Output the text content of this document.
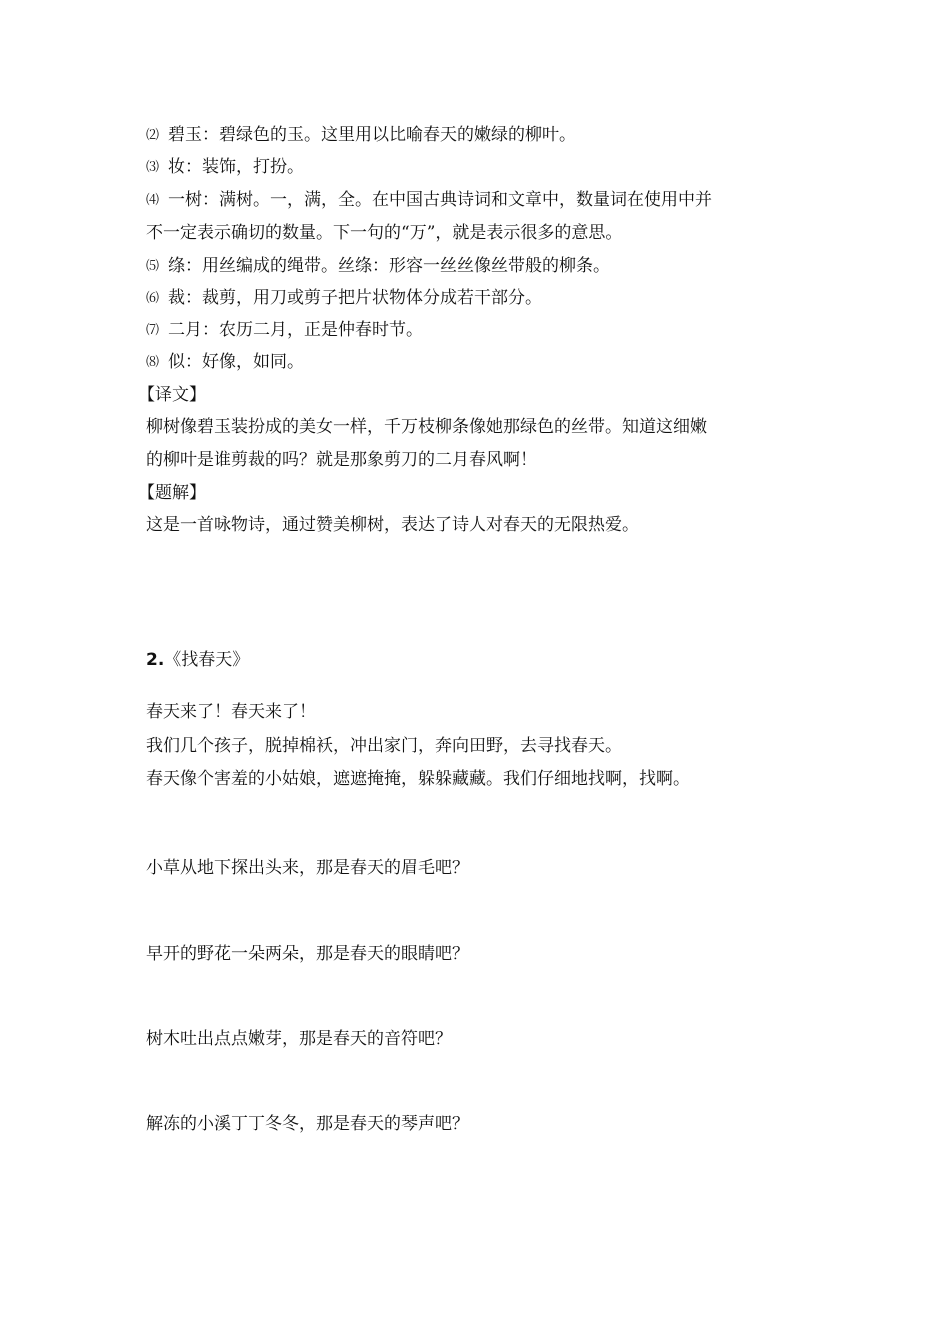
⑵ 碧玉：碧绿色的玉。这里用以比喻春天的嫩绿的柳叶。
⑶ 妆：装饰，打扮。
⑷ 一树：满树。一，满，全。在中国古典诗词和文章中，数量词在使用中并
不一定表示确切的数量。下一句的“万”，就是表示很多的意思。
⑸ 绦：用丝编成的绳带。丝绦：形容一丝丝像丝带般的柳条。
⑹ 裁：裁剪，用刀或剪子把片状物体分成若干部分。
⑺ 二月：农历二月，正是仲春时节。
⑻ 似：好像，如同。
【译文】
柳树像碧玉装扮成的美女一样，千万枝柳条像她那绿色的丝带。知道这细嫩
的柳叶是谁剪裁的吗？就是那象剪刀的二月春风啊！
【题解】
这是一首咏物诗，通过赞美柳树，表达了诗人对春天的无限热爱。
2.《找春天》
春天来了！春天来了！
我们几个孩子，脱掉棉袄，冲出家门，奔向田野，去寻找春天。
春天像个害羞的小姑娘，遮遮掩掩，躲躲藏藏。我们仔细地找啊，找啊。
小草从地下探出头来，那是春天的眉毛吧？
早开的野花一朵两朵，那是春天的眼睛吧？
树木吐出点点嫩芽，那是春天的音符吧？
解冻的小溪丁丁冬冬，那是春天的琴声吧？
